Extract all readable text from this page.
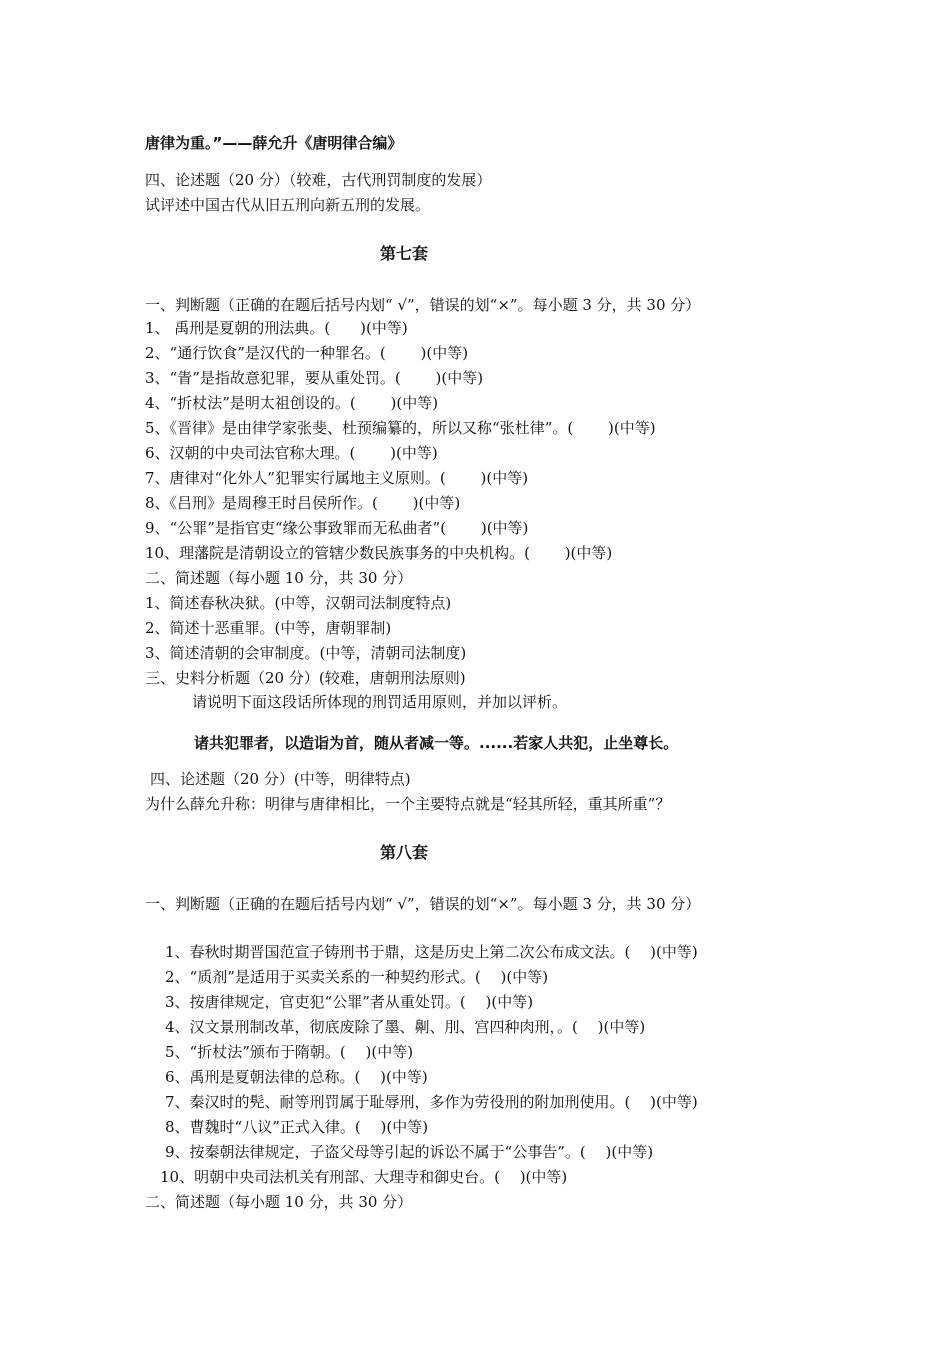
唐律为重。”——薛允升《唐明律合编》
四、论述题（20 分）（较难，古代刑罚制度的发展）
试评述中国古代从旧五刑向新五刑的发展。
第七套
一、判断题（正确的在题后括号内划“ √”，错误的划“×”。每小题 3 分，共 30 分）
1、 禹刑是夏朝的刑法典。(　　)(中等)
2、“通行饮食”是汉代的一种罪名。(　　 )(中等)
3、“眚”是指故意犯罪，要从重处罚。(　　 )(中等)
4、“折杖法”是明太祖创设的。(　　 )(中等)
5、《晋律》是由律学家张斐、杜预编纂的，所以又称“张杜律”。(　　 )(中等)
6、汉朝的中央司法官称大理。(　　 )(中等)
7、唐律对“化外人”犯罪实行属地主义原则。(　　 )(中等)
8、《吕刑》是周穆王时吕侯所作。(　　 )(中等)
9、“公罪”是指官吏“缘公事致罪而无私曲者”(　　 )(中等)
10、理藩院是清朝设立的管辖少数民族事务的中央机构。(　　 )(中等)
二、简述题（每小题 10 分，共 30 分）
1、简述春秋决狱。(中等，汉朝司法制度特点)
2、简述十恶重罪。(中等，唐朝罪制)
3、简述清朝的会审制度。(中等，清朝司法制度)
三、史料分析题（20 分）(较难，唐朝刑法原则)
请说明下面这段话所体现的刑罚适用原则，并加以评析。
诸共犯罪者，以造诣为首，随从者减一等。......若家人共犯，止坐尊长。
四、论述题（20 分）(中等，明律特点)
为什么薛允升称：明律与唐律相比，一个主要特点就是“轻其所轻，重其所重”？
第八套
一、判断题（正确的在题后括号内划“ √”，错误的划“×”。每小题 3 分，共 30 分）
1、春秋时期晋国范宣子铸刑书于鼎，这是历史上第二次公布成文法。(　 )(中等)
2、“质剂”是适用于买卖关系的一种契约形式。(　 )(中等)
3、按唐律规定，官吏犯“公罪”者从重处罚。(　 )(中等)
4、汉文景刑制改革，彻底废除了墨、劓、刖、宫四种肉刑，。(　 )(中等)
5、“折杖法”颁布于隋朝。(　 )(中等)
6、禹刑是夏朝法律的总称。(　 )(中等)
7、秦汉时的髡、耐等刑罚属于耻辱刑，多作为劳役刑的附加刑使用。(　 )(中等)
8、曹魏时“八议”正式入律。(　 )(中等)
9、按秦朝法律规定，子盗父母等引起的诉讼不属于“公事告”。(　 )(中等)
10、明朝中央司法机关有刑部、大理寺和御史台。(　 )(中等)
二、简述题（每小题 10 分，共 30 分）
